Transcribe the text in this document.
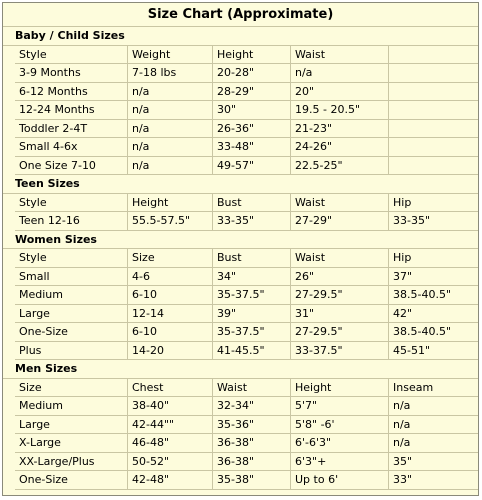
Size Chart (Approximate)
Baby / Child Sizes
Style	Weight	Height	Waist
3-9 Months	7-18 lbs	20-28"	n/a
6-12 Months	n/a	28-29"	20"
12-24 Months	n/a	30"	19.5 - 20.5"
Toddler 2-4T	n/a	26-36"	21-23"
Small 4-6x	n/a	33-48"	24-26"
One Size 7-10	n/a	49-57"	22.5-25"
Teen Sizes
Style	Height	Bust	Waist	Hip
Teen 12-16	55.5-57.5"	33-35"	27-29"	33-35"
Women Sizes
Style	Size	Bust	Waist	Hip
Small	4-6	34"	26"	37"
Medium	6-10	35-37.5"	27-29.5"	38.5-40.5"
Large	12-14	39"	31"	42"
One-Size	6-10	35-37.5"	27-29.5"	38.5-40.5"
Plus	14-20	41-45.5"	33-37.5"	45-51"
Men Sizes
Size	Chest	Waist	Height	Inseam
Medium	38-40"	32-34"	5'7"	n/a
Large	42-44""	35-36"	5'8" -6'	n/a
X-Large	46-48"	36-38"	6'-6'3"	n/a
XX-Large/Plus	50-52"	36-38"	6'3"+	35"
One-Size	42-48"	35-38"	Up to 6'	33"
